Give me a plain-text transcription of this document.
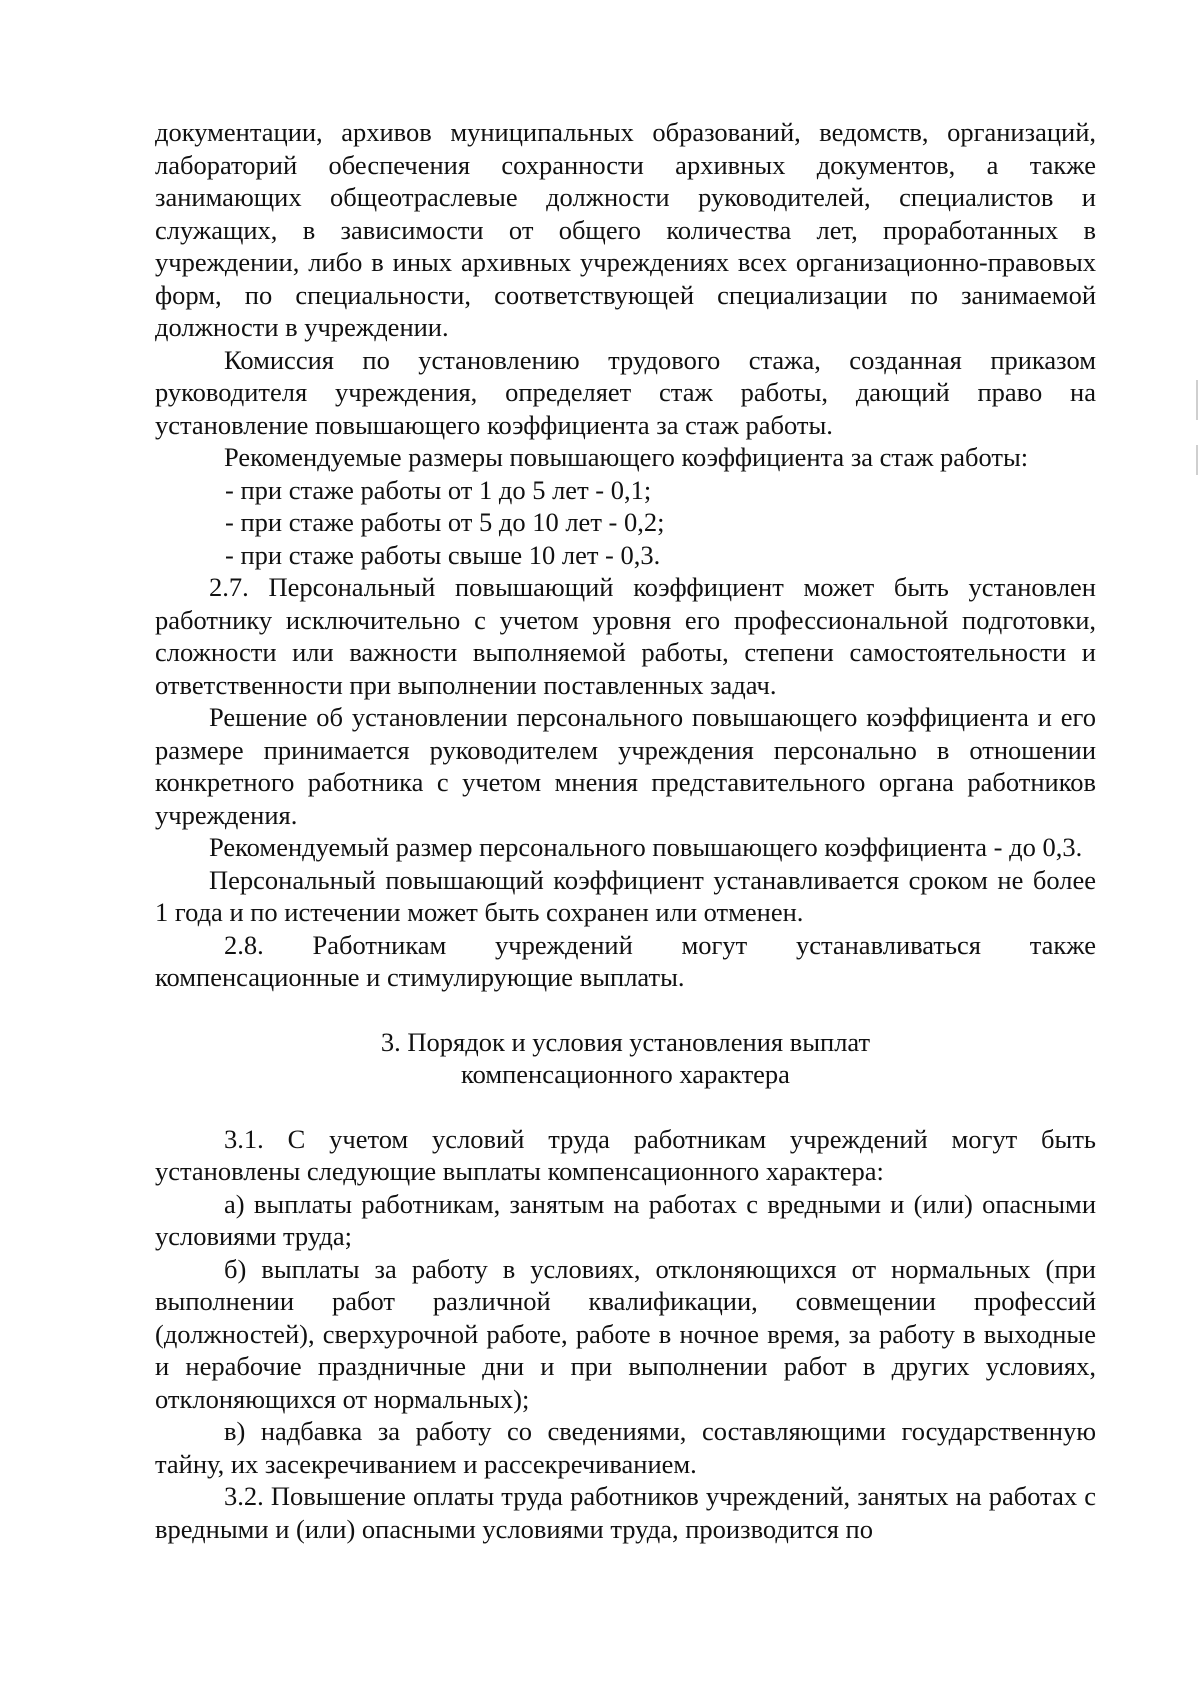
документации, архивов муниципальных образований, ведомств, организаций, лабораторий обеспечения сохранности архивных документов, а также занимающих общеотраслевые должности руководителей, специалистов и служащих, в зависимости от общего количества лет, проработанных в учреждении, либо в иных архивных учреждениях всех организационно-правовых форм, по специальности, соответствующей специализации по занимаемой должности в учреждении.

Комиссия по установлению трудового стажа, созданная приказом руководителя учреждения, определяет стаж работы, дающий право на установление повышающего коэффициента за стаж работы.

Рекомендуемые размеры повышающего коэффициента за стаж работы:

- при стаже работы от 1 до 5 лет - 0,1;

- при стаже работы от 5 до 10 лет - 0,2;

- при стаже работы свыше 10 лет - 0,3.

2.7. Персональный повышающий коэффициент может быть установлен работнику исключительно с учетом уровня его профессиональной подготовки, сложности или важности выполняемой работы, степени самостоятельности и ответственности при выполнении поставленных задач.

Решение об установлении персонального повышающего коэффициента и его размере принимается руководителем учреждения персонально в отношении конкретного работника с учетом мнения представительного органа работников учреждения.

Рекомендуемый размер персонального повышающего коэффициента - до 0,3.

Персональный повышающий коэффициент устанавливается сроком не более 1 года и по истечении может быть сохранен или отменен.

2.8. Работникам учреждений могут устанавливаться также компенсационные и стимулирующие выплаты.

3. Порядок и условия установления выплат
компенсационного характера

3.1. С учетом условий труда работникам учреждений могут быть установлены следующие выплаты компенсационного характера:

а) выплаты работникам, занятым на работах с вредными и (или) опасными условиями труда;

б) выплаты за работу в условиях, отклоняющихся от нормальных (при выполнении работ различной квалификации, совмещении профессий (должностей), сверхурочной работе, работе в ночное время, за работу в выходные и нерабочие праздничные дни и при выполнении работ в других условиях, отклоняющихся от нормальных);

в) надбавка за работу со сведениями, составляющими государственную тайну, их засекречиванием и рассекречиванием.

3.2. Повышение оплаты труда работников учреждений, занятых на работах с вредными и (или) опасными условиями труда, производится по
